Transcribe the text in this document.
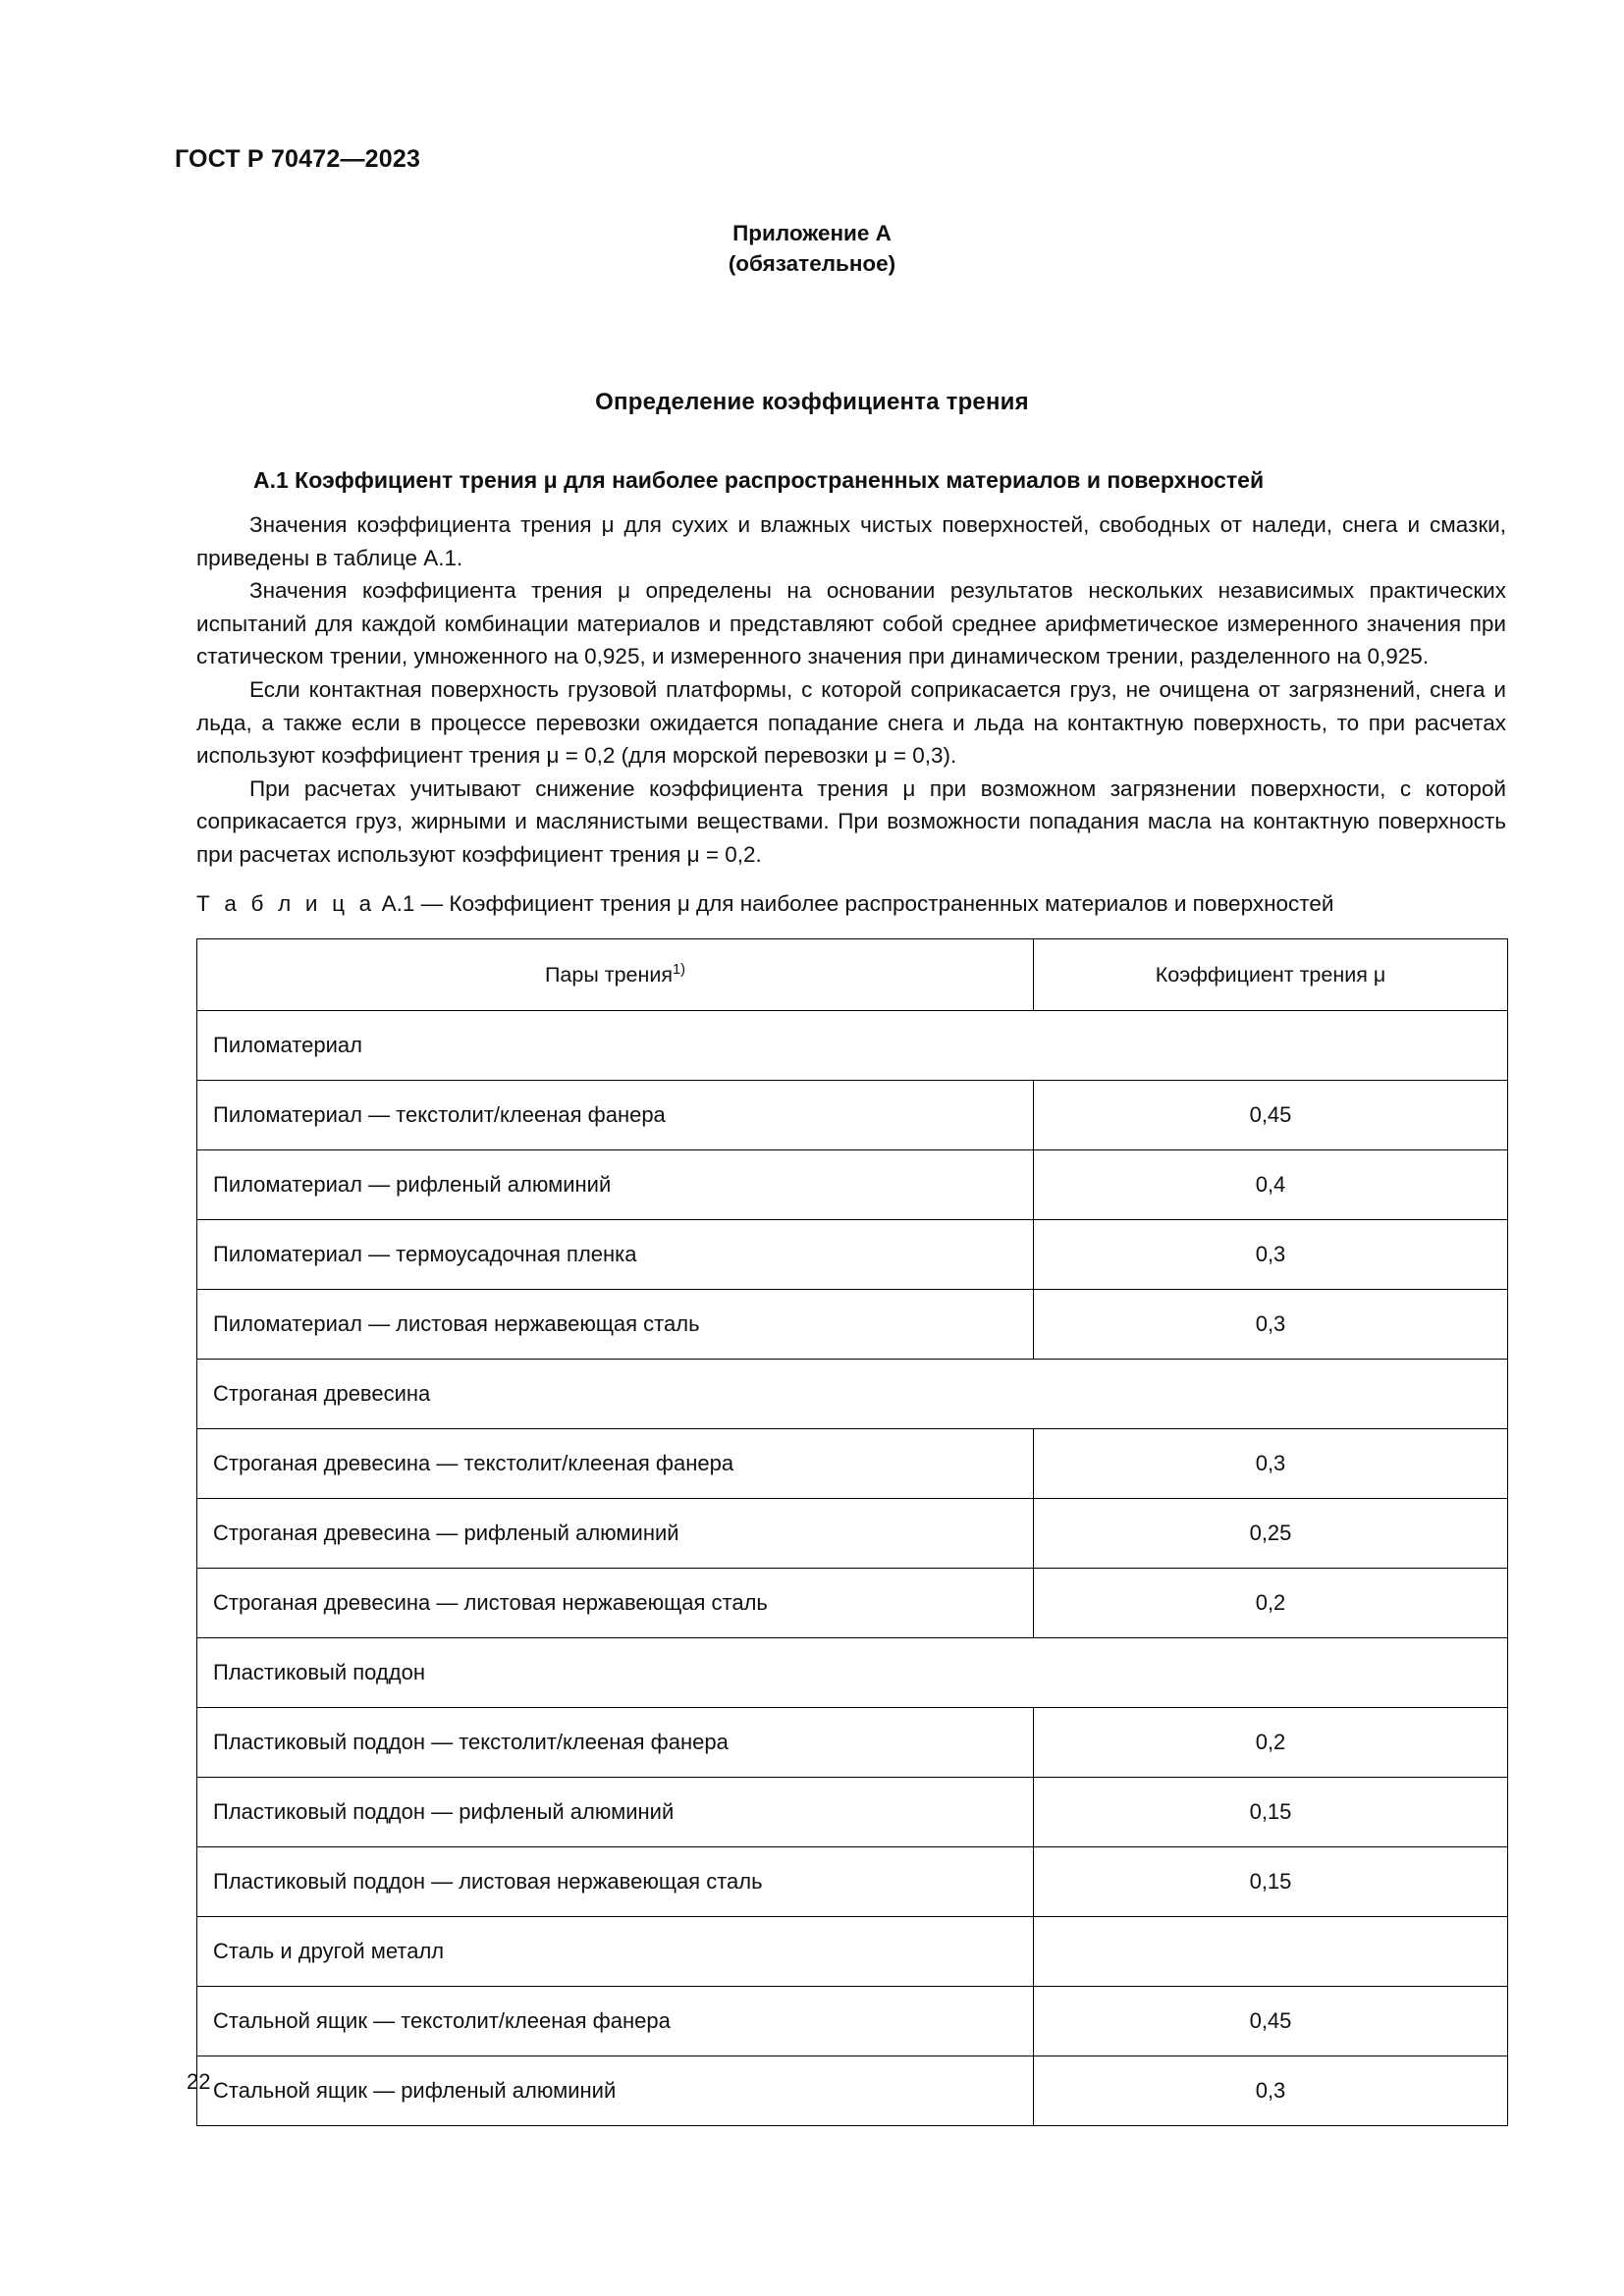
ГОСТ Р 70472—2023
Приложение А
(обязательное)
Определение коэффициента трения
А.1 Коэффициент трения μ для наиболее распространенных материалов и поверхностей

Значения коэффициента трения μ для сухих и влажных чистых поверхностей, свободных от наледи, снега и смазки, приведены в таблице А.1.

Значения коэффициента трения μ определены на основании результатов нескольких независимых практических испытаний для каждой комбинации материалов и представляют собой среднее арифметическое измеренного значения при статическом трении, умноженного на 0,925, и измеренного значения при динамическом трении, разделенного на 0,925.

Если контактная поверхность грузовой платформы, с которой соприкасается груз, не очищена от загрязнений, снега и льда, а также если в процессе перевозки ожидается попадание снега и льда на контактную поверхность, то при расчетах используют коэффициент трения μ = 0,2 (для морской перевозки μ = 0,3).

При расчетах учитывают снижение коэффициента трения μ при возможном загрязнении поверхности, с которой соприкасается груз, жирными и маслянистыми веществами. При возможности попадания масла на контактную поверхность при расчетах используют коэффициент трения μ = 0,2.

Т а б л и ц а А.1 — Коэффициент трения μ для наиболее распространенных материалов и поверхностей
Пары трения$^{1)}$	Коэффициент трения μ
Пиломатериал	
Пиломатериал — текстолит/клееная фанера	0,45
Пиломатериал — рифленый алюминий	0,4
Пиломатериал — термоусадочная пленка	0,3
Пиломатериал — листовая нержавеющая сталь	0,3
Строганая древесина	
Строганая древесина — текстолит/клееная фанера	0,3
Строганая древесина — рифленый алюминий	0,25
Строганая древесина — листовая нержавеющая сталь	0,2
Пластиковый поддон	
Пластиковый поддон — текстолит/клееная фанера	0,2
Пластиковый поддон — рифленый алюминий	0,15
Пластиковый поддон — листовая нержавеющая сталь	0,15
Сталь и другой металл	
Стальной ящик — текстолит/клееная фанера	0,45
Стальной ящик — рифленый алюминий	0,3
22
